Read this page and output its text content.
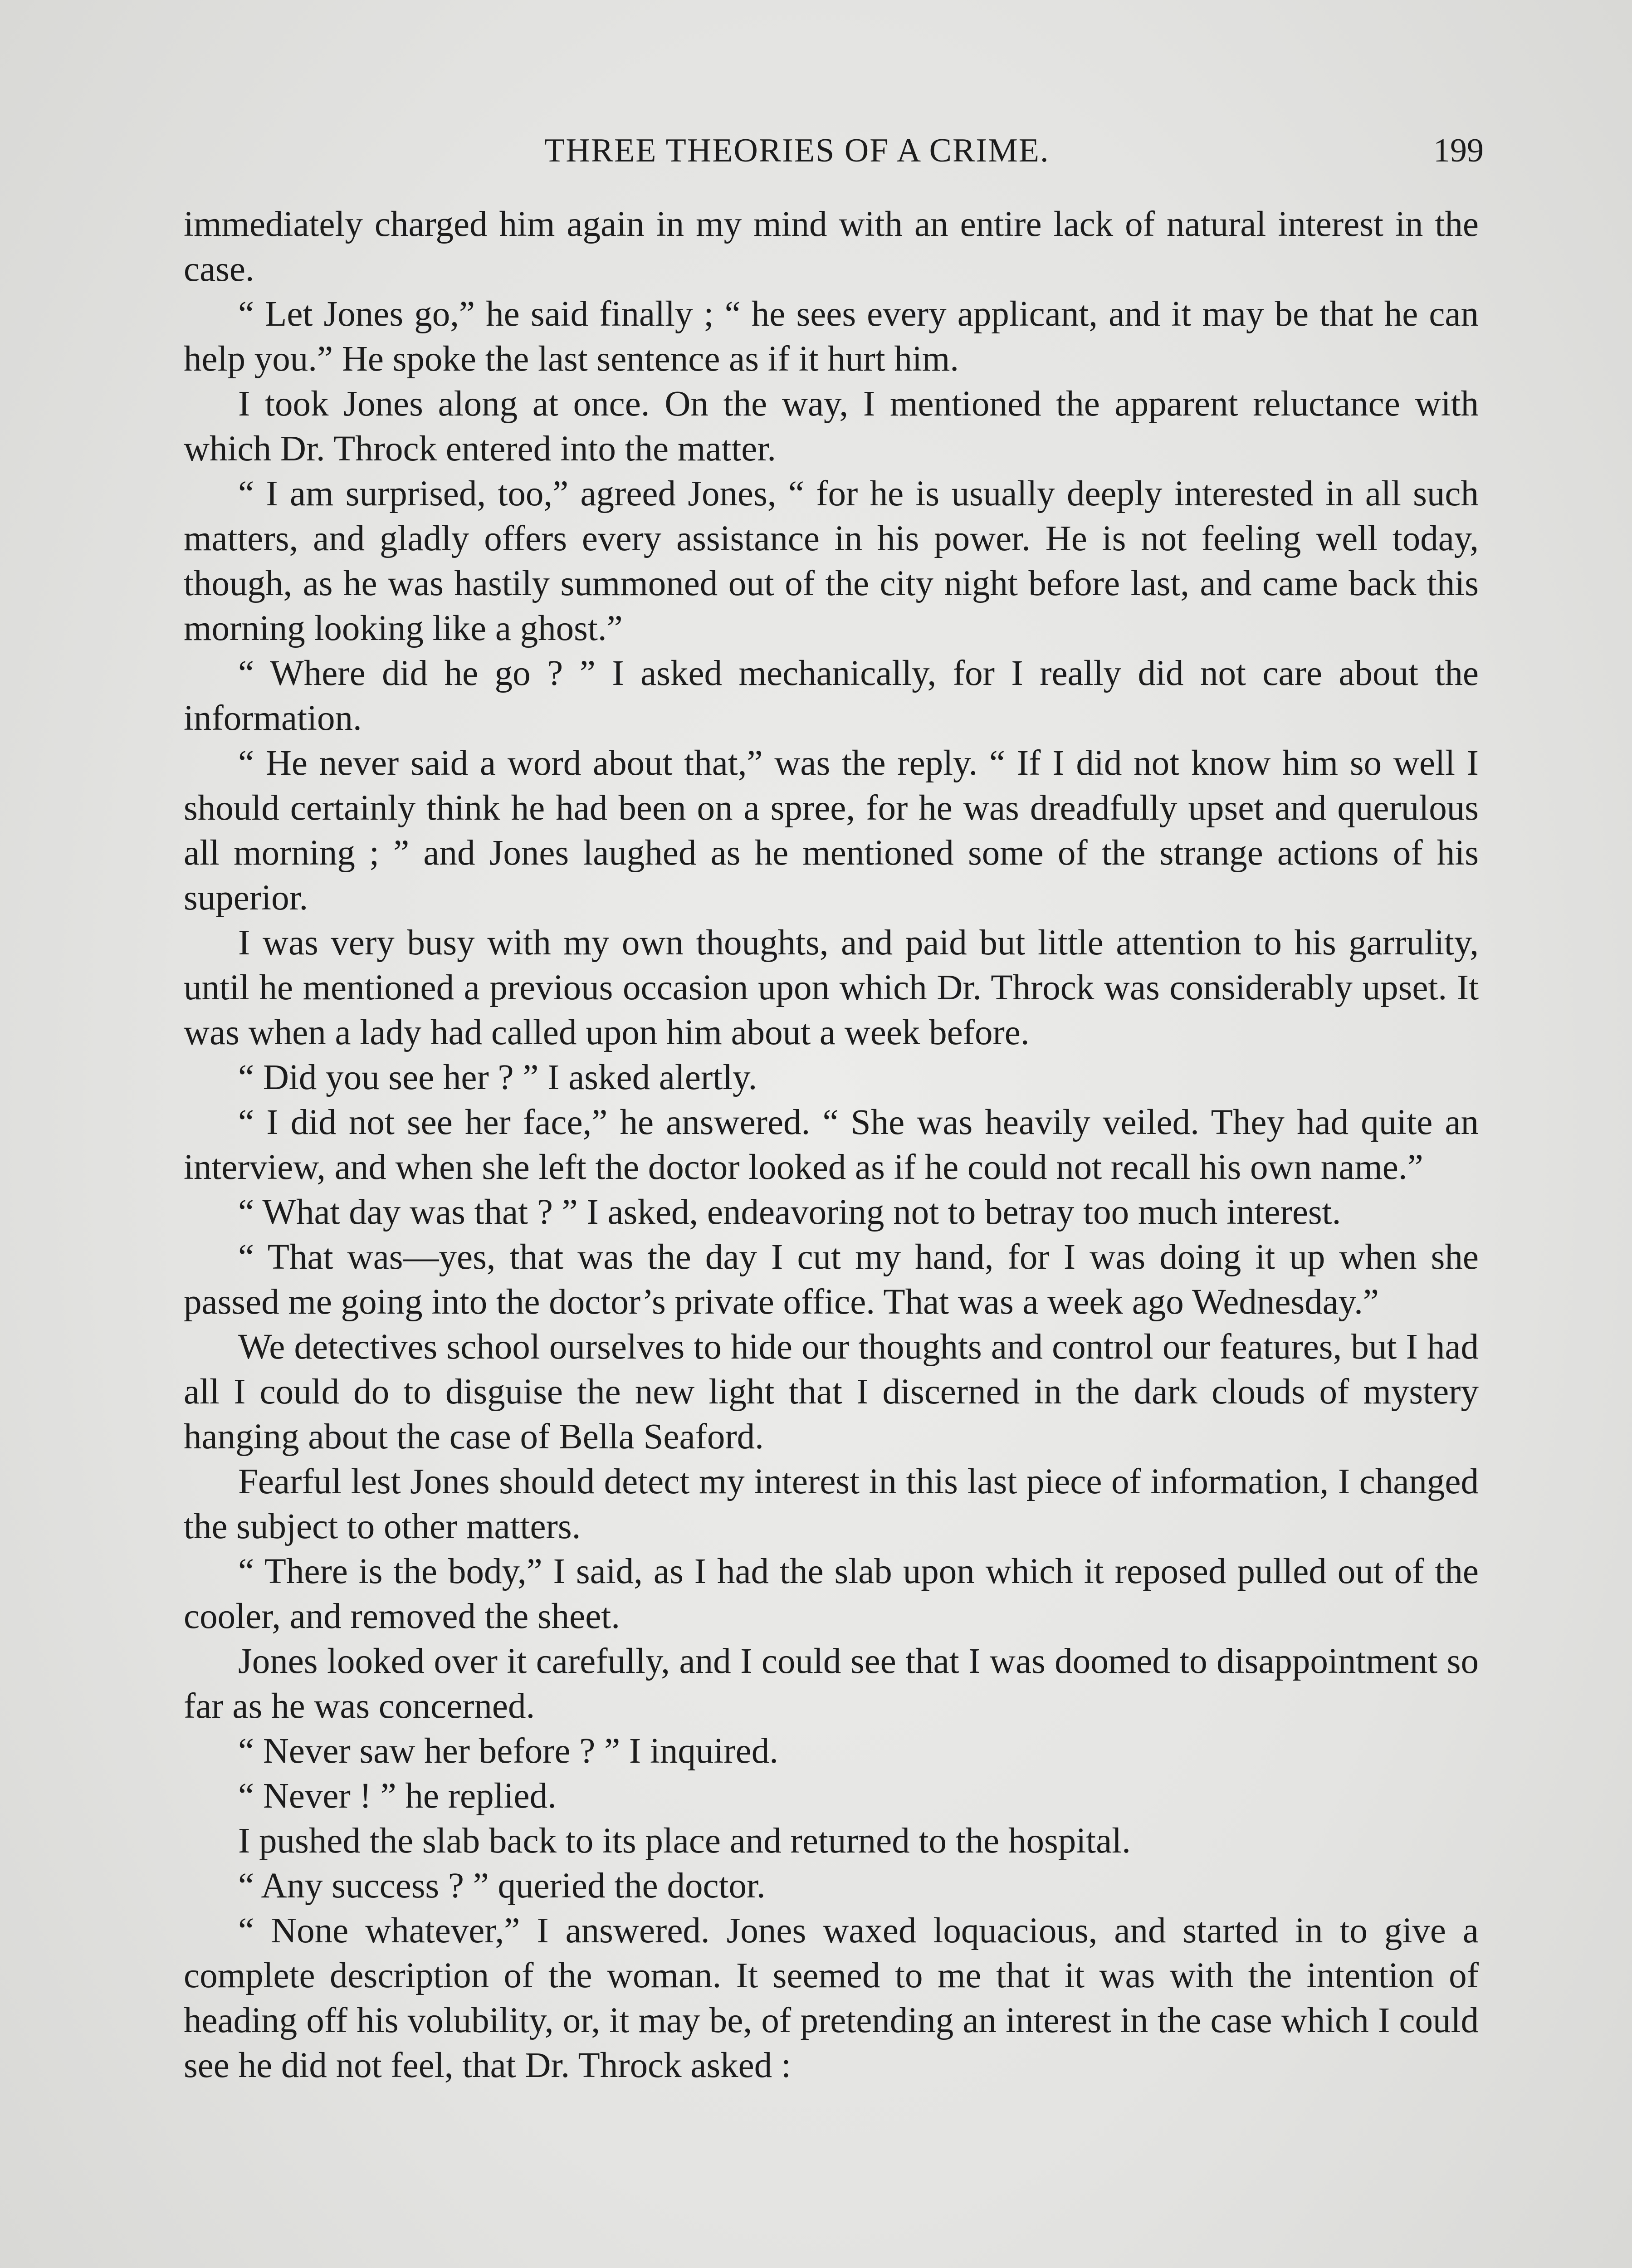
THREE THEORIES OF A CRIME.	199

immediately charged him again in my mind with an entire lack of natural interest in the case.

“ Let Jones go,” he said finally ; “ he sees every applicant, and it may be that he can help you.” He spoke the last sentence as if it hurt him.

I took Jones along at once. On the way, I mentioned the apparent reluctance with which Dr. Throck entered into the matter.

“ I am surprised, too,” agreed Jones, “ for he is usually deeply interested in all such matters, and gladly offers every assistance in his power. He is not feeling well today, though, as he was hastily summoned out of the city night before last, and came back this morning looking like a ghost.”

“ Where did he go ? ” I asked mechanically, for I really did not care about the information.

“ He never said a word about that,” was the reply. “ If I did not know him so well I should certainly think he had been on a spree, for he was dreadfully upset and querulous all morning ; ” and Jones laughed as he mentioned some of the strange actions of his superior.

I was very busy with my own thoughts, and paid but little attention to his garrulity, until he mentioned a previous occasion upon which Dr. Throck was considerably upset. It was when a lady had called upon him about a week before.

“ Did you see her ? ” I asked alertly.

“ I did not see her face,” he answered. “ She was heavily veiled. They had quite an interview, and when she left the doctor looked as if he could not recall his own name.”

“ What day was that ? ” I asked, endeavoring not to betray too much interest.

“ That was—yes, that was the day I cut my hand, for I was doing it up when she passed me going into the doctor’s private office. That was a week ago Wednesday.”

We detectives school ourselves to hide our thoughts and control our features, but I had all I could do to disguise the new light that I discerned in the dark clouds of mystery hanging about the case of Bella Seaford.

Fearful lest Jones should detect my interest in this last piece of information, I changed the subject to other matters.

“ There is the body,” I said, as I had the slab upon which it reposed pulled out of the cooler, and removed the sheet.

Jones looked over it carefully, and I could see that I was doomed to disappointment so far as he was concerned.

“ Never saw her before ? ” I inquired.

“ Never ! ” he replied.

I pushed the slab back to its place and returned to the hospital.

“ Any success ? ” queried the doctor.

“ None whatever,” I answered. Jones waxed loquacious, and started in to give a complete description of the woman. It seemed to me that it was with the intention of heading off his volubility, or, it may be, of pretending an interest in the case which I could see he did not feel, that Dr. Throck asked :
